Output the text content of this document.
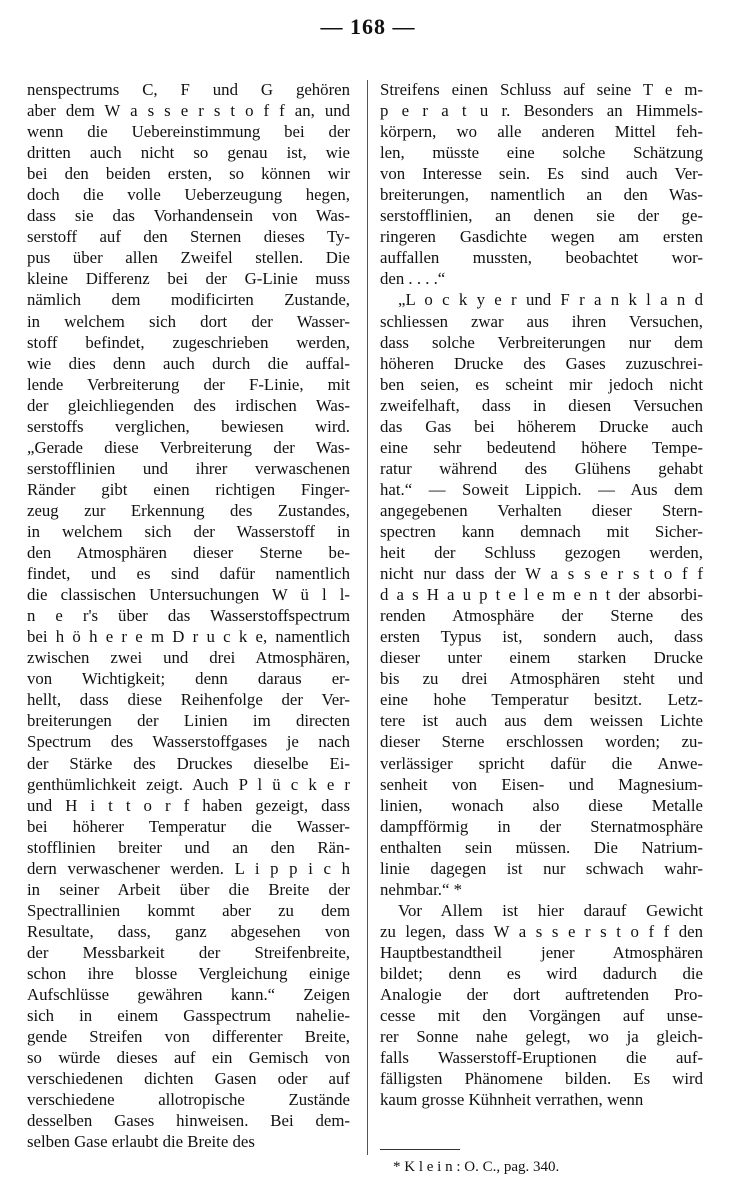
— 168 —
nenspectrums C, F und G gehören
aber dem W a s s e r s t o f f an, und
wenn die Uebereinstimmung bei der
dritten auch nicht so genau ist, wie
bei den beiden ersten, so können wir
doch die volle Ueberzeugung hegen,
dass sie das Vorhandensein von Was-
serstoff auf den Sternen dieses Ty-
pus über allen Zweifel stellen. Die
kleine Differenz bei der G-Linie muss
nämlich dem modificirten Zustande,
in welchem sich dort der Wasser-
stoff befindet, zugeschrieben werden,
wie dies denn auch durch die auffal-
lende Verbreiterung der F-Linie, mit
der gleichliegenden des irdischen Was-
serstoffs verglichen, bewiesen wird.
„Gerade diese Verbreiterung der Was-
serstofflinien und ihrer verwaschenen
Ränder gibt einen richtigen Finger-
zeug zur Erkennung des Zustandes,
in welchem sich der Wasserstoff in
den Atmosphären dieser Sterne be-
findet, und es sind dafür namentlich
die classischen Untersuchungen W ü l l-
n e r's über das Wasserstoffspectrum
bei h ö h e r e m D r u c k e, namentlich
zwischen zwei und drei Atmosphären,
von Wichtigkeit; denn daraus er-
hellt, dass diese Reihenfolge der Ver-
breiterungen der Linien im directen
Spectrum des Wasserstoffgases je nach
der Stärke des Druckes dieselbe Ei-
genthümlichkeit zeigt. Auch P l ü c k e r
und H i t t o r f haben gezeigt, dass
bei höherer Temperatur die Wasser-
stofflinien breiter und an den Rän-
dern verwaschener werden. L i p p i c h
in seiner Arbeit über die Breite der
Spectrallinien kommt aber zu dem
Resultate, dass, ganz abgesehen von
der Messbarkeit der Streifenbreite,
schon ihre blosse Vergleichung einige
Aufschlüsse gewähren kann.“ Zeigen
sich in einem Gasspectrum nahelie-
gende Streifen von differenter Breite,
so würde dieses auf ein Gemisch von
verschiedenen dichten Gasen oder auf
verschiedene allotropische Zustände
desselben Gases hinweisen. Bei dem-
selben Gase erlaubt die Breite des
Streifens einen Schluss auf seine T e m-
p e r a t u r. Besonders an Himmels-
körpern, wo alle anderen Mittel feh-
len, müsste eine solche Schätzung
von Interesse sein. Es sind auch Ver-
breiterungen, namentlich an den Was-
serstofflinien, an denen sie der ge-
ringeren Gasdichte wegen am ersten
auffallen mussten, beobachtet wor-
den . . . .“
„L o c k y e r und F r a n k l a n d
schliessen zwar aus ihren Versuchen,
dass solche Verbreiterungen nur dem
höheren Drucke des Gases zuzuschrei-
ben seien, es scheint mir jedoch nicht
zweifelhaft, dass in diesen Versuchen
das Gas bei höherem Drucke auch
eine sehr bedeutend höhere Tempe-
ratur während des Glühens gehabt
hat.“ — Soweit Lippich. — Aus dem
angegebenen Verhalten dieser Stern-
spectren kann demnach mit Sicher-
heit der Schluss gezogen werden,
nicht nur dass der W a s s e r s t o f f
d a s H a u p t e l e m e n t der absorbi-
renden Atmosphäre der Sterne des
ersten Typus ist, sondern auch, dass
dieser unter einem starken Drucke
bis zu drei Atmosphären steht und
eine hohe Temperatur besitzt. Letz-
tere ist auch aus dem weissen Lichte
dieser Sterne erschlossen worden; zu-
verlässiger spricht dafür die Anwe-
senheit von Eisen- und Magnesium-
linien, wonach also diese Metalle
dampfförmig in der Sternatmosphäre
enthalten sein müssen. Die Natrium-
linie dagegen ist nur schwach wahr-
nehmbar.“ *
Vor Allem ist hier darauf Gewicht
zu legen, dass W a s s e r s t o f f den
Hauptbestandtheil jener Atmosphären
bildet; denn es wird dadurch die
Analogie der dort auftretenden Pro-
cesse mit den Vorgängen auf unse-
rer Sonne nahe gelegt, wo ja gleich-
falls Wasserstoff-Eruptionen die auf-
fälligsten Phänomene bilden. Es wird
kaum grosse Kühnheit verrathen, wenn
* K l e i n : O. C., pag. 340.
